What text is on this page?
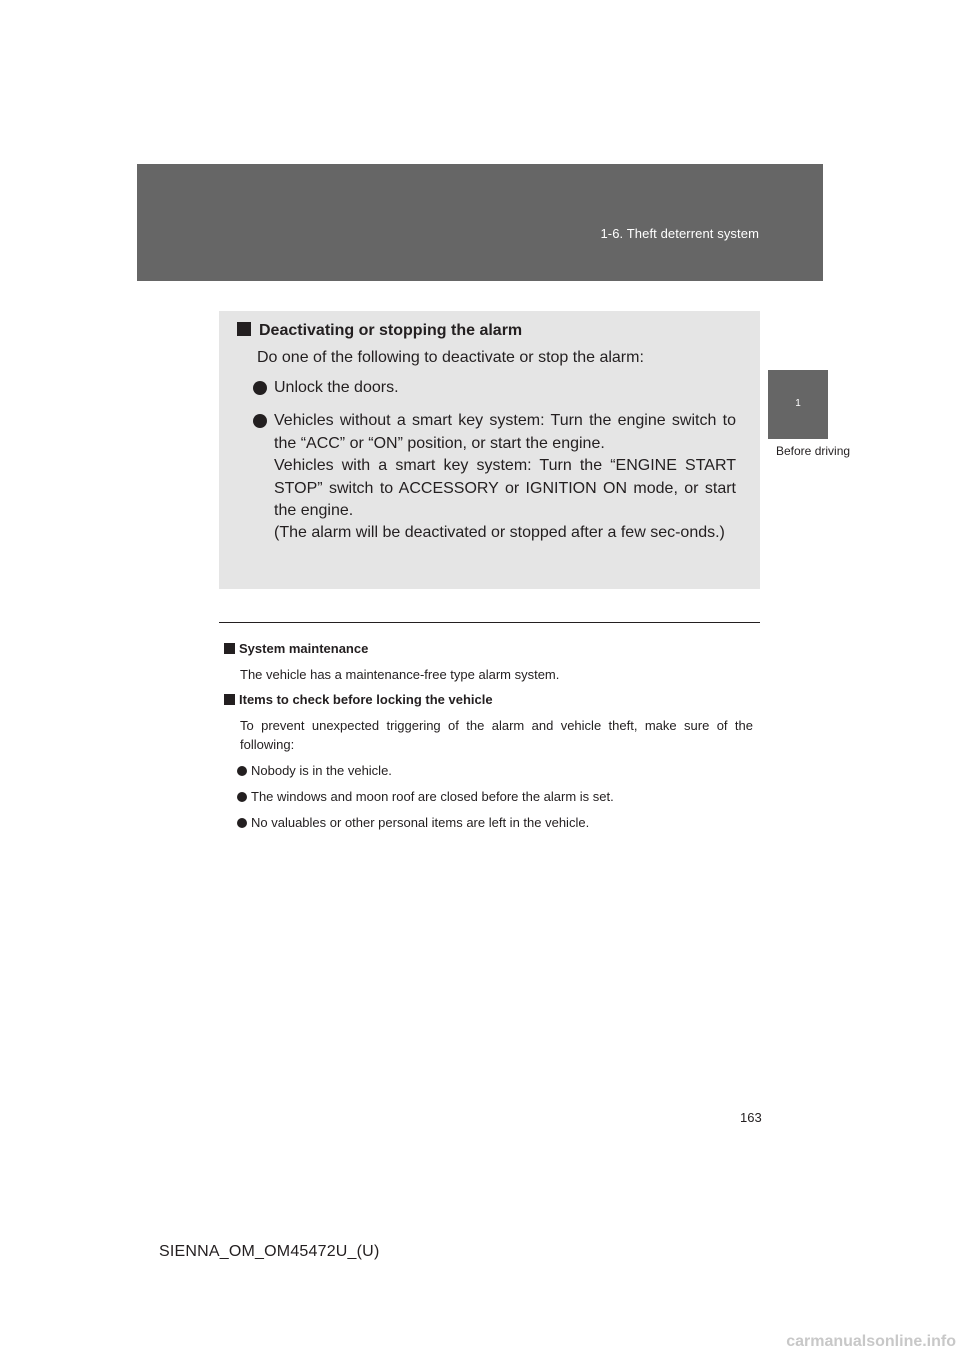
1-6. Theft deterrent system
1
Before driving
Deactivating or stopping the alarm
Do one of the following to deactivate or stop the alarm:
Unlock the doors.
Vehicles without a smart key system: Turn the engine switch to the “ACC” or “ON” position, or start the engine.
Vehicles with a smart key system: Turn the “ENGINE START STOP” switch to ACCESSORY or IGNITION ON mode, or start the engine.
(The alarm will be deactivated or stopped after a few sec-onds.)
System maintenance
The vehicle has a maintenance-free type alarm system.
Items to check before locking the vehicle
To prevent unexpected triggering of the alarm and vehicle theft, make sure of the following:
Nobody is in the vehicle.
The windows and moon roof are closed before the alarm is set.
No valuables or other personal items are left in the vehicle.
163
SIENNA_OM_OM45472U_(U)
carmanualsonline.info
